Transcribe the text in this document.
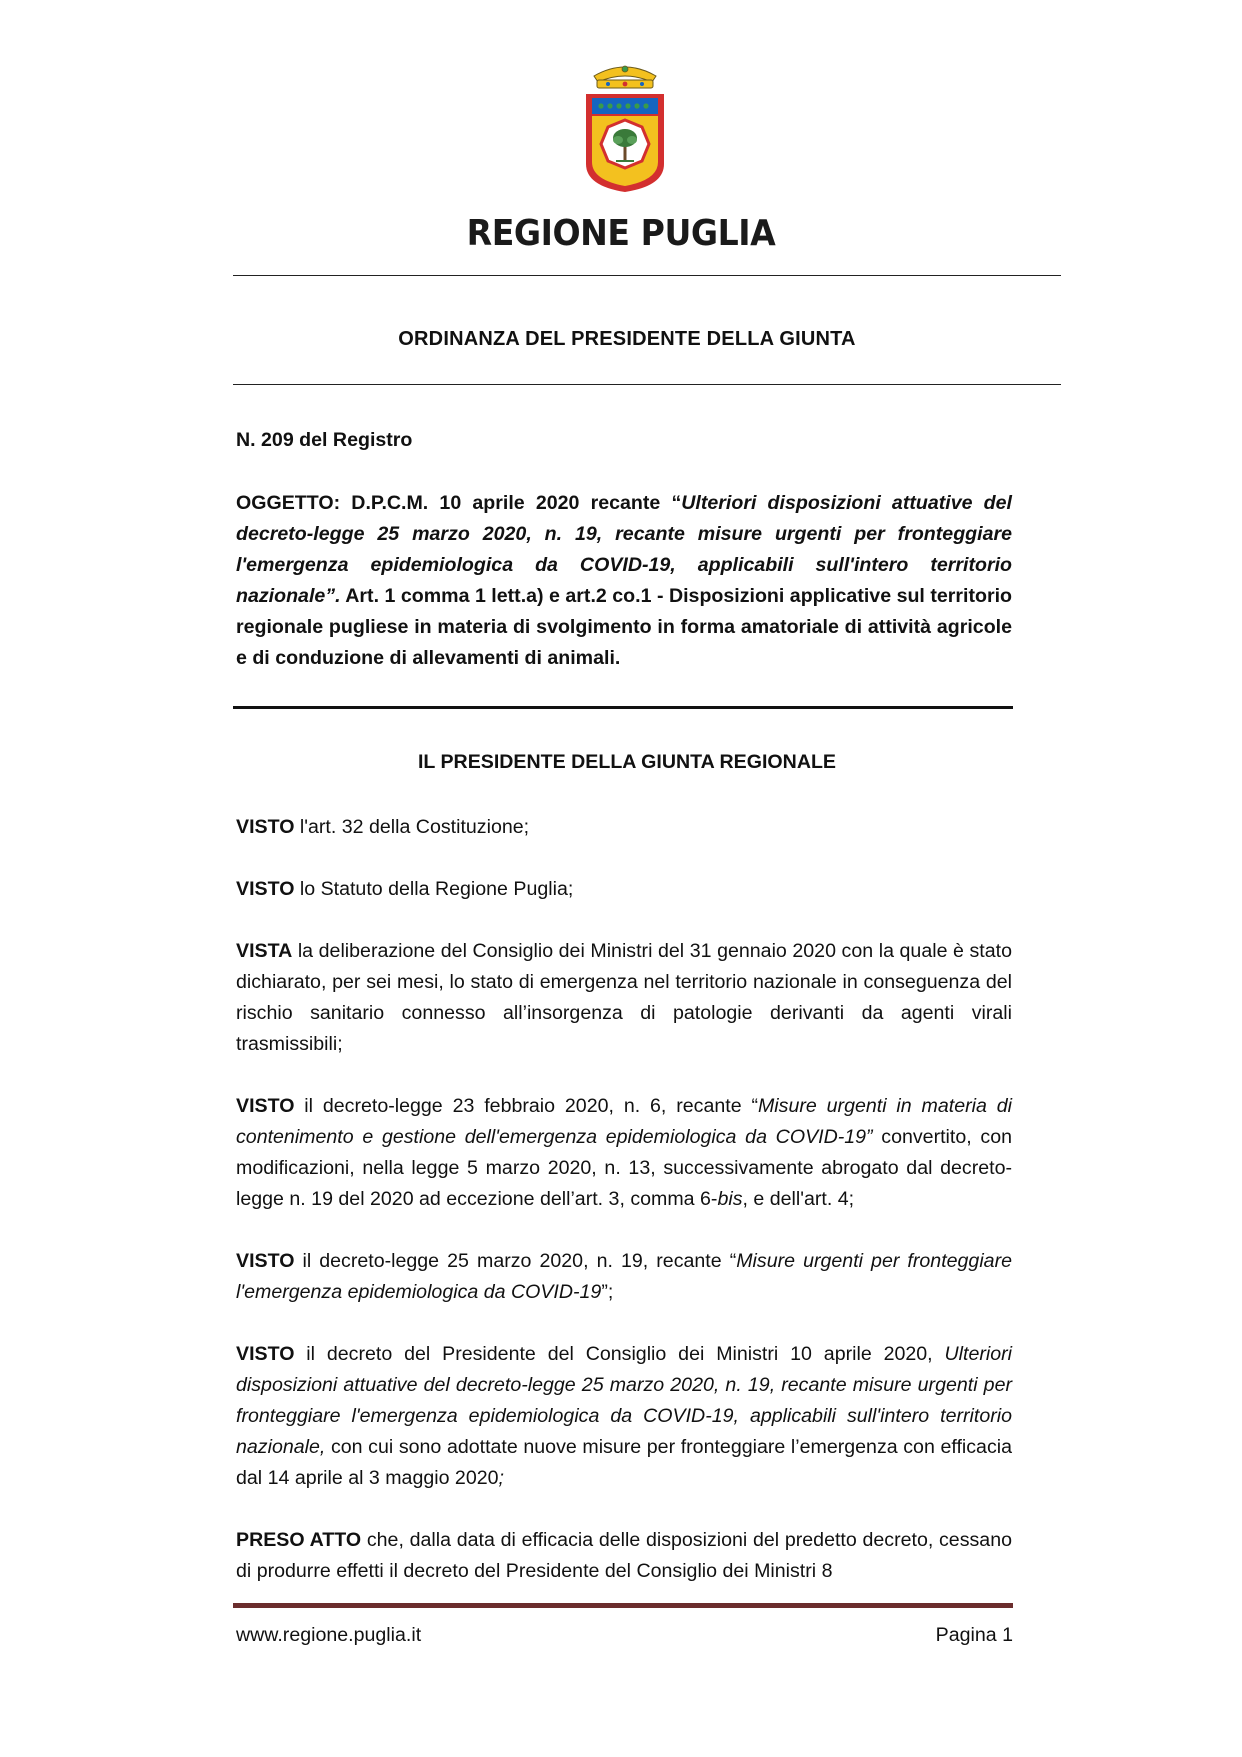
REGIONE PUGLIA
ORDINANZA DEL PRESIDENTE DELLA GIUNTA
N. 209 del Registro
OGGETTO: D.P.C.M. 10 aprile 2020 recante “Ulteriori disposizioni attuative del decreto-legge 25 marzo 2020, n. 19, recante misure urgenti per fronteggiare l'emergenza epidemiologica da COVID-19, applicabili sull'intero territorio nazionale”. Art. 1 comma 1 lett.a) e art.2 co.1 - Disposizioni applicative sul territorio regionale pugliese in materia di svolgimento in forma amatoriale di attività agricole e di conduzione di allevamenti di animali.
IL PRESIDENTE DELLA GIUNTA REGIONALE

VISTO l'art. 32 della Costituzione;

VISTO lo Statuto della Regione Puglia;

VISTA la deliberazione del Consiglio dei Ministri del 31 gennaio 2020 con la quale è stato dichiarato, per sei mesi, lo stato di emergenza nel territorio nazionale in conseguenza del rischio sanitario connesso all’insorgenza di patologie derivanti da agenti virali trasmissibili;

VISTO il decreto-legge 23 febbraio 2020, n. 6, recante “Misure urgenti in materia di contenimento e gestione dell'emergenza epidemiologica da COVID-19” convertito, con modificazioni, nella legge 5 marzo 2020, n. 13, successivamente abrogato dal decreto-legge n. 19 del 2020 ad eccezione dell’art. 3, comma 6-bis, e dell'art. 4;

VISTO il decreto-legge 25 marzo 2020, n. 19, recante “Misure urgenti per fronteggiare l'emergenza epidemiologica da COVID-19”;

VISTO il decreto del Presidente del Consiglio dei Ministri 10 aprile 2020, Ulteriori disposizioni attuative del decreto-legge 25 marzo 2020, n. 19, recante misure urgenti per fronteggiare l'emergenza epidemiologica da COVID-19, applicabili sull'intero territorio nazionale, con cui sono adottate nuove misure per fronteggiare l’emergenza con efficacia dal 14 aprile al 3 maggio 2020;

PRESO ATTO che, dalla data di efficacia delle disposizioni del predetto decreto, cessano di produrre effetti il decreto del Presidente del Consiglio dei Ministri 8

www.regione.puglia.it	Pagina 1
